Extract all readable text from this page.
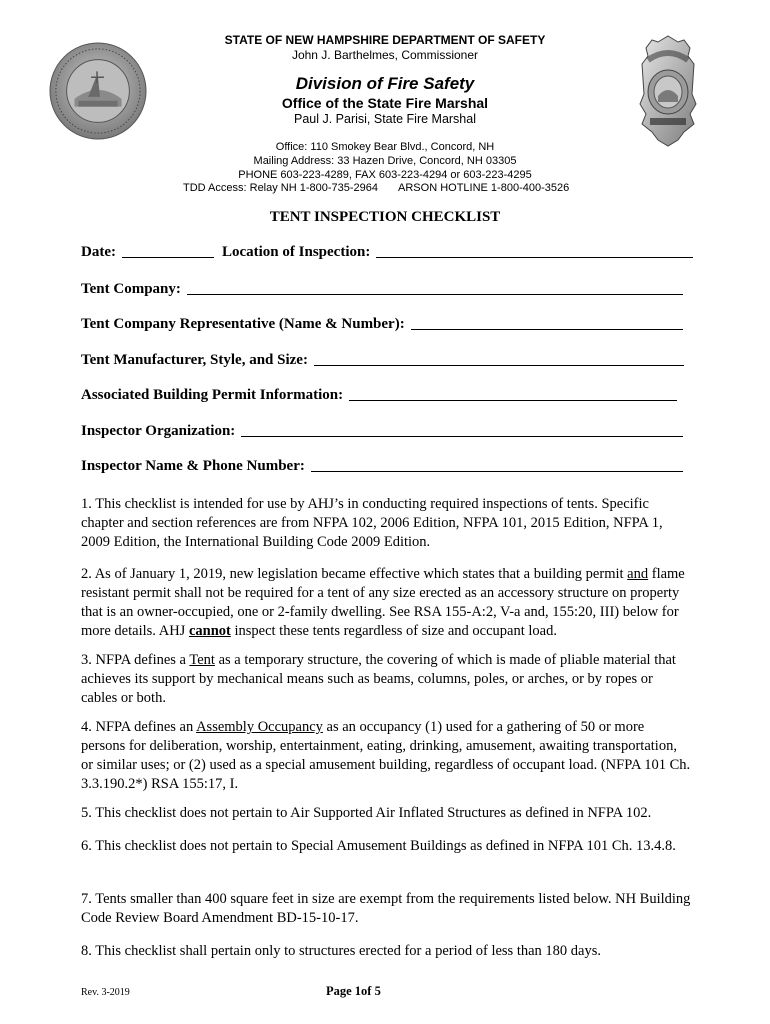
STATE OF NEW HAMPSHIRE DEPARTMENT OF SAFETY
John J. Barthelmes, Commissioner
Division of Fire Safety
Office of the State Fire Marshal
Paul J. Parisi, State Fire Marshal
Office: 110 Smokey Bear Blvd., Concord, NH
Mailing Address: 33 Hazen Drive, Concord, NH 03305
PHONE 603-223-4289, FAX 603-223-4294 or 603-223-4295
TDD Access: Relay NH 1-800-735-2964 ARSON HOTLINE 1-800-400-3526
TENT INSPECTION CHECKLIST
Date:	Location of Inspection:
Tent Company:
Tent Company Representative (Name & Number):
Tent Manufacturer, Style, and Size:
Associated Building Permit Information:
Inspector Organization:
Inspector Name & Phone Number:
1. This checklist is intended for use by AHJ’s in conducting required inspections of tents. Specific chapter and section references are from NFPA 102, 2006 Edition, NFPA 101, 2015 Edition, NFPA 1, 2009 Edition, the International Building Code 2009 Edition.
2. As of January 1, 2019, new legislation became effective which states that a building permit and flame resistant permit shall not be required for a tent of any size erected as an accessory structure on property that is an owner-occupied, one or 2-family dwelling. See RSA 155-A:2, V-a and, 155:20, III) below for more details. AHJ cannot inspect these tents regardless of size and occupant load.
3. NFPA defines a Tent as a temporary structure, the covering of which is made of pliable material that achieves its support by mechanical means such as beams, columns, poles, or arches, or by ropes or cables or both.
4. NFPA defines an Assembly Occupancy as an occupancy (1) used for a gathering of 50 or more persons for deliberation, worship, entertainment, eating, drinking, amusement, awaiting transportation, or similar uses; or (2) used as a special amusement building, regardless of occupant load. (NFPA 101 Ch. 3.3.190.2*) RSA 155:17, I.
5. This checklist does not pertain to Air Supported Air Inflated Structures as defined in NFPA 102.
6. This checklist does not pertain to Special Amusement Buildings as defined in NFPA 101 Ch. 13.4.8.
7. Tents smaller than 400 square feet in size are exempt from the requirements listed below. NH Building Code Review Board Amendment BD-15-10-17.
8. This checklist shall pertain only to structures erected for a period of less than 180 days.
Rev. 3-2019	Page 1of 5
